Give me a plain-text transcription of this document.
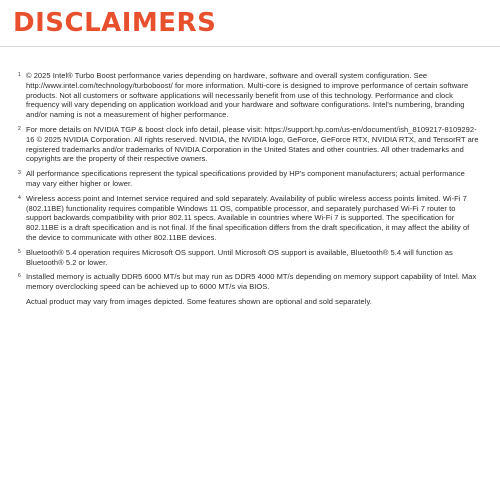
DISCLAIMERS
1 © 2025 Intel® Turbo Boost performance varies depending on hardware, software and overall system configuration. See http://www.intel.com/technology/turboboost/ for more information. Multi-core is designed to improve performance of certain software products. Not all customers or software applications will necessarily benefit from use of this technology. Performance and clock frequency will vary depending on application workload and your hardware and software configurations. Intel's numbering, branding and/or naming is not a measurement of higher performance.
2 For more details on NVIDIA TGP & boost clock info detail, please visit: https://support.hp.com/us-en/document/ish_8109217-8109292-16 © 2025 NVIDIA Corporation. All rights reserved. NVIDIA, the NVIDIA logo, GeForce, GeForce RTX, NVIDIA RTX, and TensorRT are registered trademarks and/or trademarks of NVIDIA Corporation in the United States and other countries. All other trademarks and copyrights are the property of their respective owners.
3 All performance specifications represent the typical specifications provided by HP's component manufacturers; actual performance may vary either higher or lower.
4 Wireless access point and Internet service required and sold separately. Availability of public wireless access points limited. Wi-Fi 7 (802.11BE) functionality requires compatible Windows 11 OS, compatible processor, and separately purchased Wi-Fi 7 router to support backwards compatibility with prior 802.11 specs. Available in countries where Wi-Fi 7 is supported. The specification for 802.11BE is a draft specification and is not final. If the final specification differs from the draft specification, it may affect the ability of the device to communicate with other 802.11BE devices.
5 Bluetooth® 5.4 operation requires Microsoft OS support. Until Microsoft OS support is available, Bluetooth® 5.4 will function as Bluetooth® 5.2 or lower.
6 Installed memory is actually DDR5 6000 MT/s but may run as DDR5 4000 MT/s depending on memory support capability of Intel. Max memory overclocking speed can be achieved up to 6000 MT/s via BIOS.

Actual product may vary from images depicted. Some features shown are optional and sold separately.
